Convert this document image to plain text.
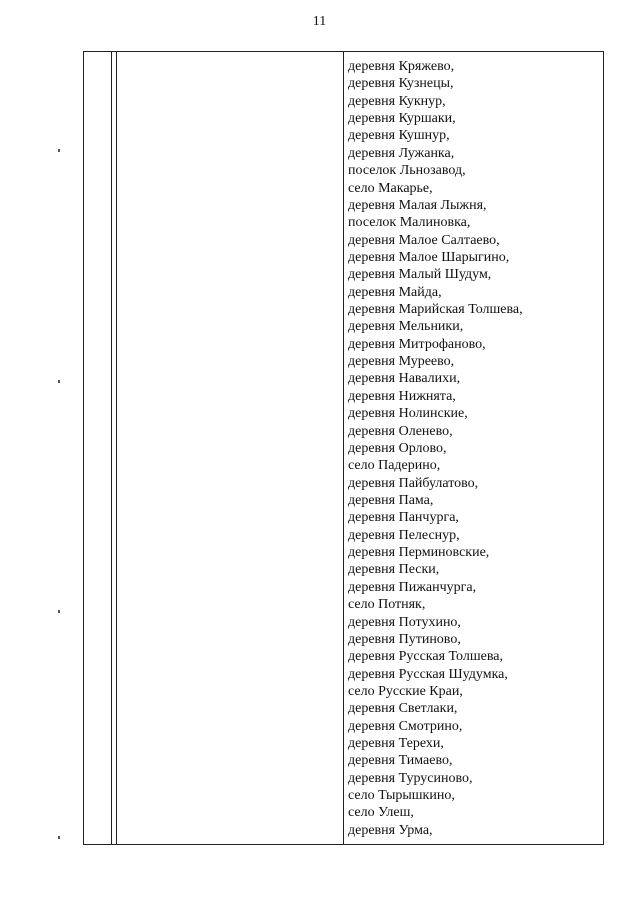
11
деревня Кряжево,
деревня Кузнецы,
деревня Кукнур,
деревня Куршаки,
деревня Кушнур,
деревня Лужанка,
поселок Льнозавод,
село Макарье,
деревня Малая Лыжня,
поселок Малиновка,
деревня Малое Салтаево,
деревня Малое Шарыгино,
деревня Малый Шудум,
деревня Майда,
деревня Марийская Толшева,
деревня Мельники,
деревня Митрофаново,
деревня Муреево,
деревня Навалихи,
деревня Нижнята,
деревня Нолинские,
деревня Оленево,
деревня Орлово,
село Падерино,
деревня Пайбулатово,
деревня Пама,
деревня Панчурга,
деревня Пелеснур,
деревня Перминовские,
деревня Пески,
деревня Пижанчурга,
село Потняк,
деревня Потухино,
деревня Путиново,
деревня Русская Толшева,
деревня Русская Шудумка,
село Русские Краи,
деревня Светлаки,
деревня Смотрино,
деревня Терехи,
деревня Тимаево,
деревня Турусиново,
село Тырышкино,
село Улеш,
деревня Урма,
